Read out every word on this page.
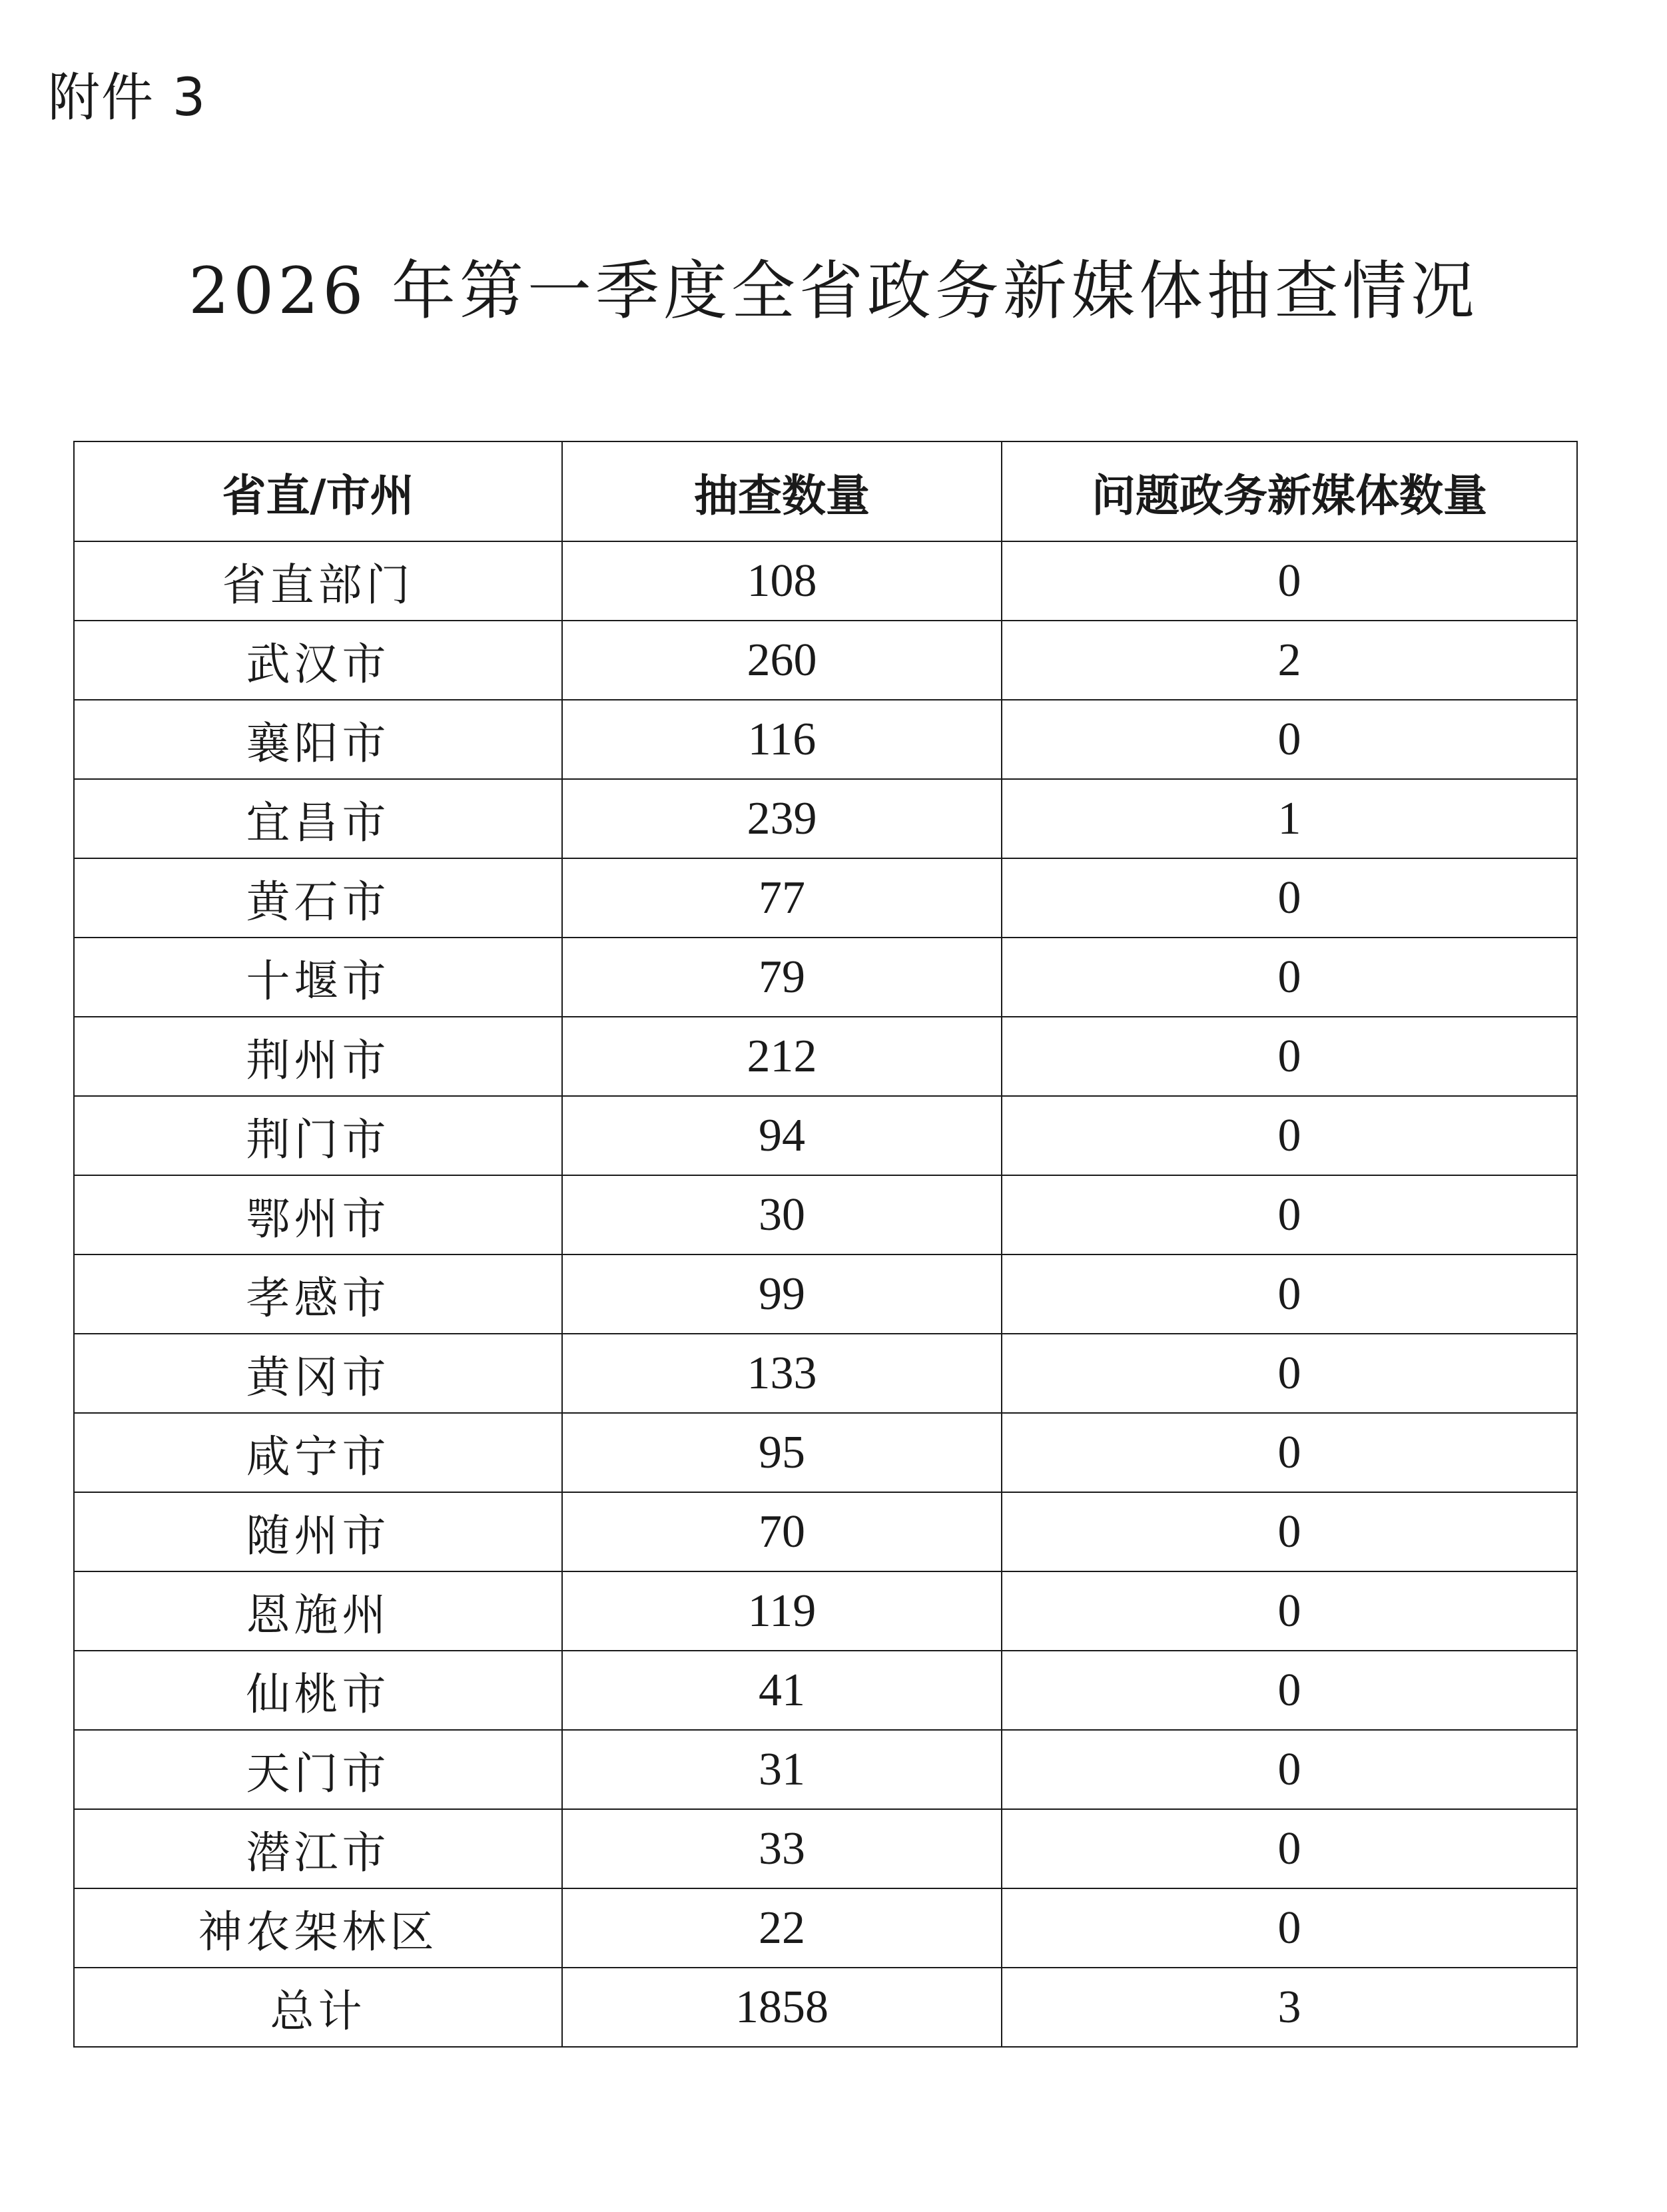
附件 3
2026 年第一季度全省政务新媒体抽查情况
省直/市州	抽查数量	问题政务新媒体数量
省直部门	108	0
武汉市	260	2
襄阳市	116	0
宜昌市	239	1
黄石市	77	0
十堰市	79	0
荆州市	212	0
荆门市	94	0
鄂州市	30	0
孝感市	99	0
黄冈市	133	0
咸宁市	95	0
随州市	70	0
恩施州	119	0
仙桃市	41	0
天门市	31	0
潜江市	33	0
神农架林区	22	0
总计	1858	3
